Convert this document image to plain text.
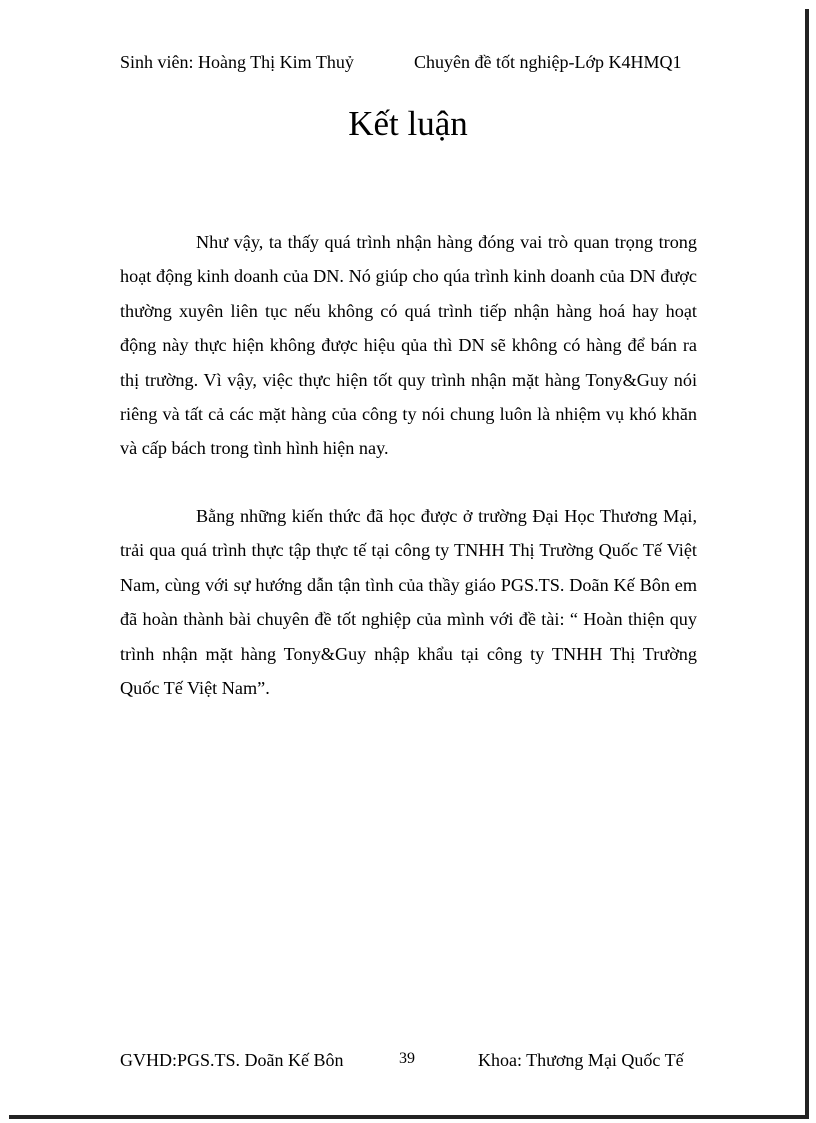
Sinh viên: Hoàng Thị Kim Thuỷ	Chuyên đề tốt nghiệp-Lớp K4HMQ1
Kết luận

Như vậy, ta thấy quá trình nhận hàng đóng vai trò quan trọng trong hoạt động kinh doanh của DN. Nó giúp cho qúa trình kinh doanh của DN được thường xuyên liên tục nếu không có quá trình tiếp nhận hàng hoá hay hoạt động này thực hiện không được hiệu qủa thì DN sẽ không có hàng để bán ra thị trường. Vì vậy, việc thực hiện tốt quy trình nhận mặt hàng Tony&Guy nói riêng và tất cả các mặt hàng của công ty nói chung luôn là nhiệm vụ khó khăn và cấp bách trong tình hình hiện nay.

Bằng những kiến thức đã học được ở trường Đại Học Thương Mại, trải qua quá trình thực tập thực tế tại công ty TNHH Thị Trường Quốc Tế Việt Nam, cùng với sự hướng dẫn tận tình của thầy giáo PGS.TS. Doãn Kế Bôn em đã hoàn thành bài chuyên đề tốt nghiệp của mình với đề tài: “ Hoàn thiện quy trình nhận mặt hàng Tony&Guy nhập khẩu tại công ty TNHH Thị Trường Quốc Tế Việt Nam”.

GVHD:PGS.TS. Doãn Kế Bôn	39	Khoa: Thương Mại Quốc Tế
